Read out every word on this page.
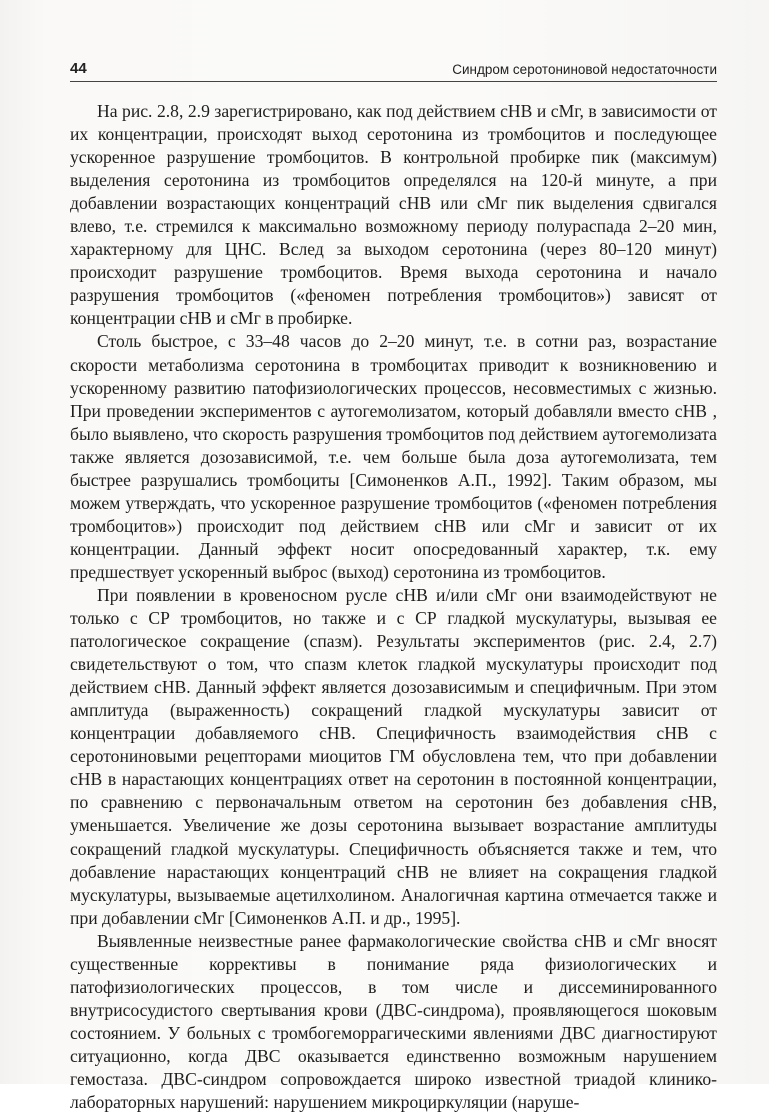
44	Синдром серотониновой недостаточности

На рис. 2.8, 2.9 зарегистрировано, как под действием cНВ и cМг, в зависимости от их концентрации, происходят выход серотонина из тромбоцитов и последующее ускоренное разрушение тромбоцитов. В контрольной пробирке пик (максимум) выделения серотонина из тромбоцитов определялся на 120-й минуте, а при добавлении возрастающих концентраций cНВ или cМг пик выделения сдвигался влево, т.е. стремился к максимально возможному периоду полураспада 2–20 мин, характерному для ЦНС. Вслед за выходом серотонина (через 80–120 минут) происходит разрушение тромбоцитов. Время выхода серотонина и начало разрушения тромбоцитов («феномен потребления тромбоцитов») зависят от концентрации cНВ и cМг в пробирке.

Столь быстрое, с 33–48 часов до 2–20 минут, т.е. в сотни раз, возрастание скорости метаболизма серотонина в тромбоцитах приводит к возникновению и ускоренному развитию патофизиологических процессов, несовместимых с жизнью. При проведении экспериментов с аутогемолизатом, который добавляли вместо cНВ , было выявлено, что скорость разрушения тромбоцитов под действием аутогемолизата также является дозозависимой, т.е. чем больше была доза аутогемолизата, тем быстрее разрушались тромбоциты [Симоненков А.П., 1992]. Таким образом, мы можем утверждать, что ускоренное разрушение тромбоцитов («феномен потребления тромбоцитов») происходит под действием cНВ или cМг и зависит от их концентрации. Данный эффект носит опосредованный характер, т.к. ему предшествует ускоренный выброс (выход) серотонина из тромбоцитов.

При появлении в кровеносном русле cНВ и/или cМг они взаимодействуют не только с СР тромбоцитов, но также и с СР гладкой мускулатуры, вызывая ее патологическое сокращение (спазм). Результаты экспериментов (рис. 2.4, 2.7) свидетельствуют о том, что спазм клеток гладкой мускулатуры происходит под действием cНВ. Данный эффект является дозозависимым и специфичным. При этом амплитуда (выраженность) сокращений гладкой мускулатуры зависит от концентрации добавляемого cНВ. Специфичность взаимодействия cНВ с серотониновыми рецепторами миоцитов ГМ обусловлена тем, что при добавлении cНВ в нарастающих концентрациях ответ на серотонин в постоянной концентрации, по сравнению с первоначальным ответом на серотонин без добавления cНВ, уменьшается. Увеличение же дозы серотонина вызывает возрастание амплитуды сокращений гладкой мускулатуры. Специфичность объясняется также и тем, что добавление нарастающих концентраций cНВ не влияет на сокращения гладкой мускулатуры, вызываемые ацетилхолином. Аналогичная картина отмечается также и при добавлении cМг [Симоненков А.П. и др., 1995].

Выявленные неизвестные ранее фармакологические свойства cНВ и cМг вносят существенные коррективы в понимание ряда физиологических и патофизиологических процессов, в том числе и диссеминированного внутрисосудистого свертывания крови (ДВС-синдрома), проявляющегося шоковым состоянием. У больных с тромбогеморрагическими явлениями ДВС диагностируют ситуационно, когда ДВС оказывается единственно возможным нарушением гемостаза. ДВС-синдром сопровождается широко известной триадой клинико-лабораторных нарушений: нарушением микроциркуляции (наруше-
